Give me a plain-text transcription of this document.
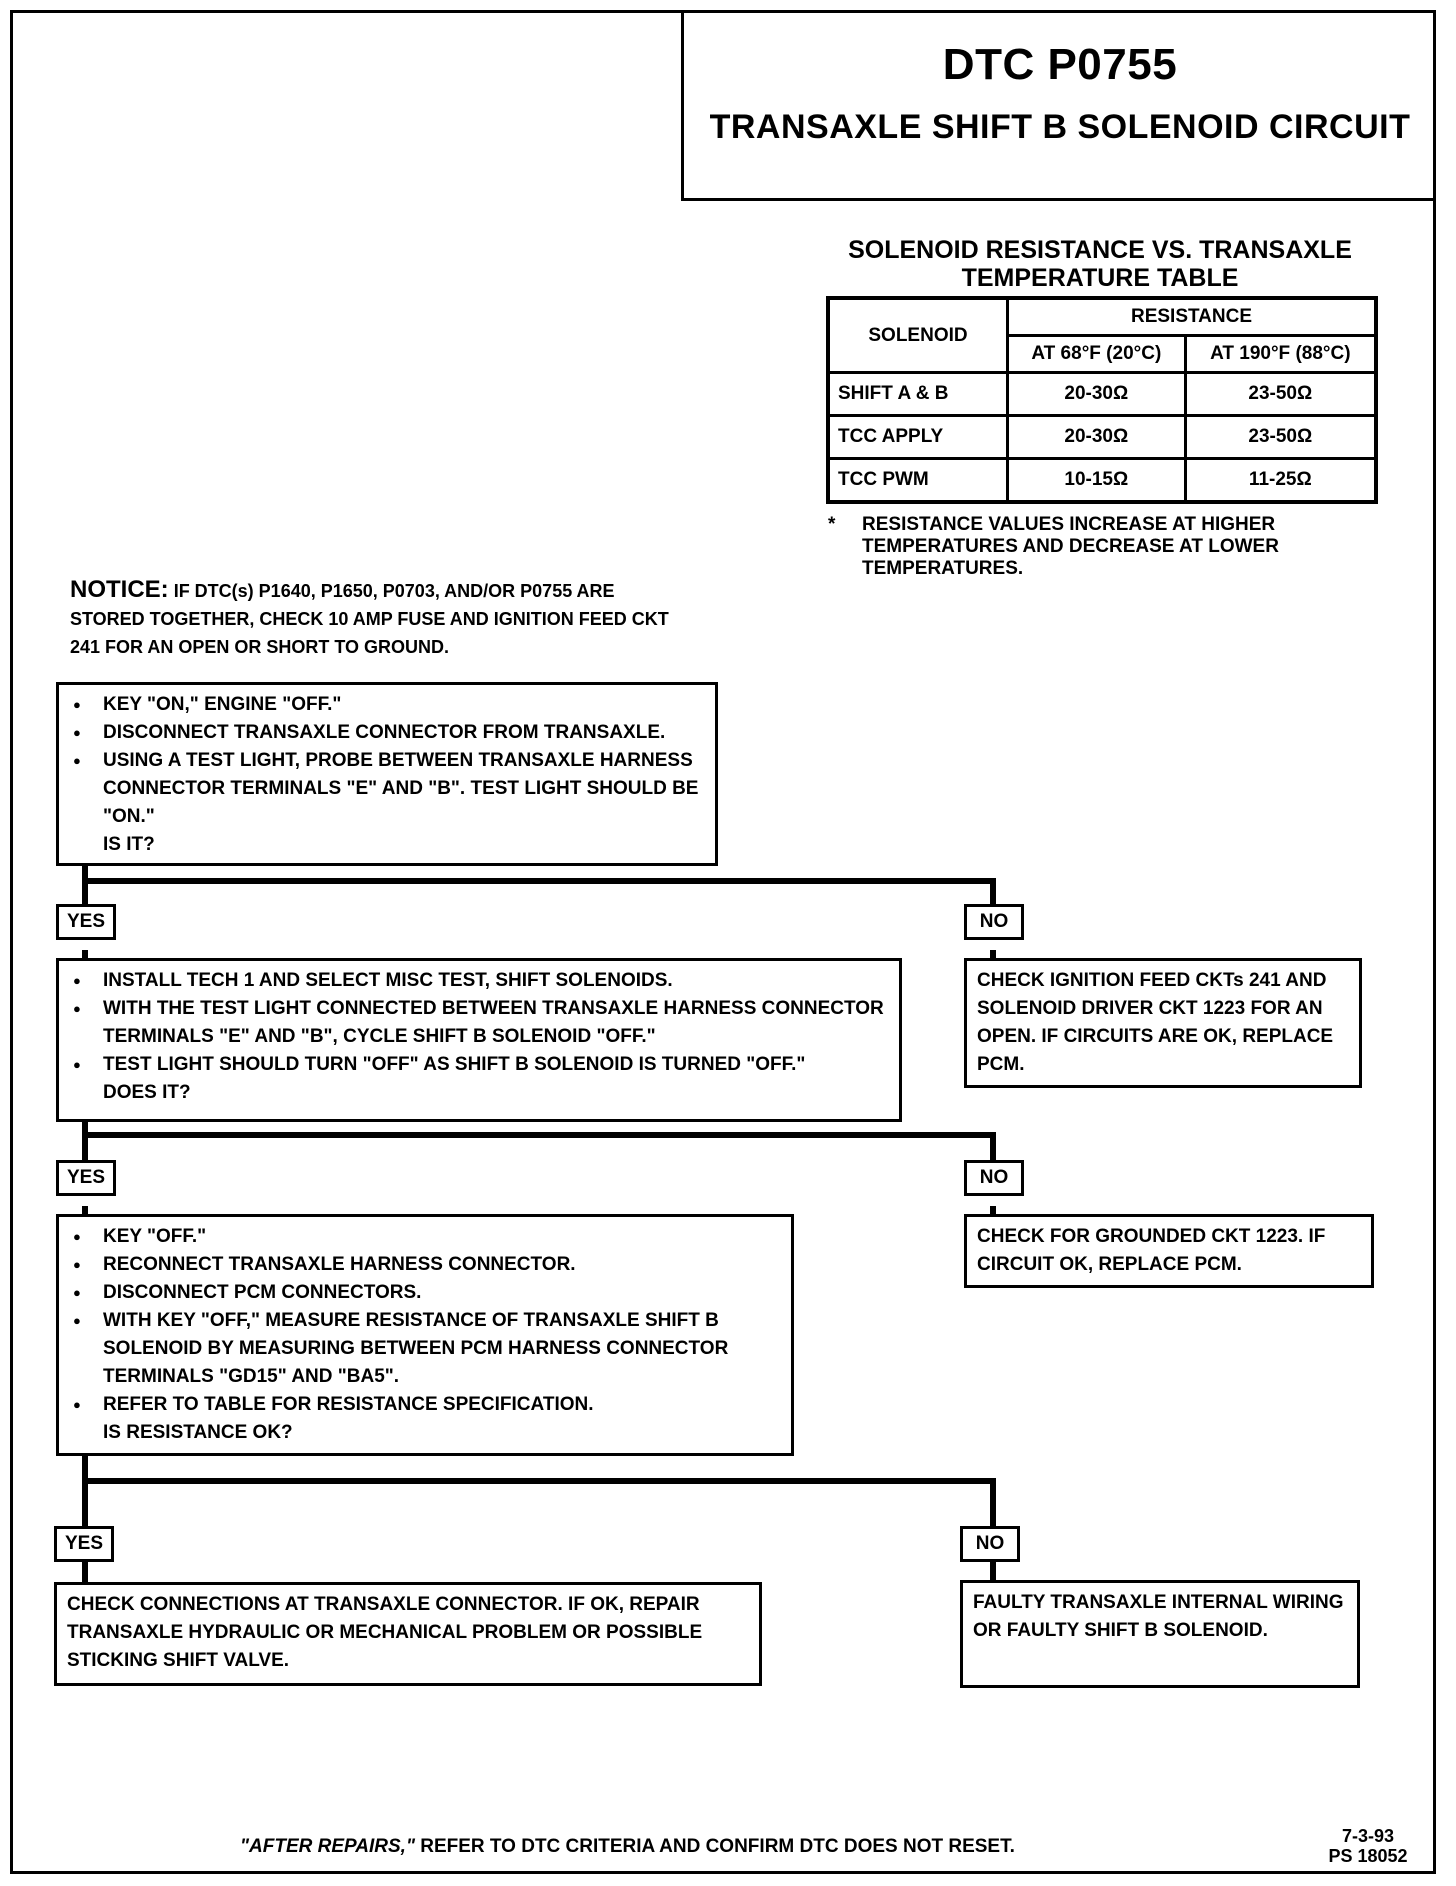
DTC P0755
TRANSAXLE SHIFT B SOLENOID CIRCUIT
SOLENOID RESISTANCE VS. TRANSAXLE
TEMPERATURE TABLE
SOLENOID	RESISTANCE	
	AT 68°F (20°C)	AT 190°F (88°C)
SHIFT A & B	20-30Ω	23-50Ω
TCC APPLY	20-30Ω	23-50Ω
TCC PWM	10-15Ω	11-25Ω
* RESISTANCE VALUES INCREASE AT HIGHER TEMPERATURES AND DECREASE AT LOWER TEMPERATURES.
NOTICE: IF DTC(s) P1640, P1650, P0703, AND/OR P0755 ARE
STORED TOGETHER, CHECK 10 AMP FUSE AND IGNITION FEED CKT
241 FOR AN OPEN OR SHORT TO GROUND.
● KEY "ON," ENGINE "OFF."
● DISCONNECT TRANSAXLE CONNECTOR FROM TRANSAXLE.
● USING A TEST LIGHT, PROBE BETWEEN TRANSAXLE HARNESS CONNECTOR TERMINALS "E" AND "B". TEST LIGHT SHOULD BE "ON."
IS IT?
YES	NO
● INSTALL TECH 1 AND SELECT MISC TEST, SHIFT SOLENOIDS.
● WITH THE TEST LIGHT CONNECTED BETWEEN TRANSAXLE HARNESS CONNECTOR TERMINALS "E" AND "B", CYCLE SHIFT B SOLENOID "OFF."
● TEST LIGHT SHOULD TURN "OFF" AS SHIFT B SOLENOID IS TURNED "OFF."
DOES IT?
CHECK IGNITION FEED CKTs 241 AND SOLENOID DRIVER CKT 1223 FOR AN OPEN. IF CIRCUITS ARE OK, REPLACE PCM.
YES	NO
● KEY "OFF."
● RECONNECT TRANSAXLE HARNESS CONNECTOR.
● DISCONNECT PCM CONNECTORS.
● WITH KEY "OFF," MEASURE RESISTANCE OF TRANSAXLE SHIFT B SOLENOID BY MEASURING BETWEEN PCM HARNESS CONNECTOR TERMINALS "GD15" AND "BA5".
● REFER TO TABLE FOR RESISTANCE SPECIFICATION.
IS RESISTANCE OK?
CHECK FOR GROUNDED CKT 1223. IF CIRCUIT OK, REPLACE PCM.
YES	NO
CHECK CONNECTIONS AT TRANSAXLE CONNECTOR. IF OK, REPAIR TRANSAXLE HYDRAULIC OR MECHANICAL PROBLEM OR POSSIBLE STICKING SHIFT VALVE.
FAULTY TRANSAXLE INTERNAL WIRING OR FAULTY SHIFT B SOLENOID.
"AFTER REPAIRS," REFER TO DTC CRITERIA AND CONFIRM DTC DOES NOT RESET.	7-3-93
PS 18052
